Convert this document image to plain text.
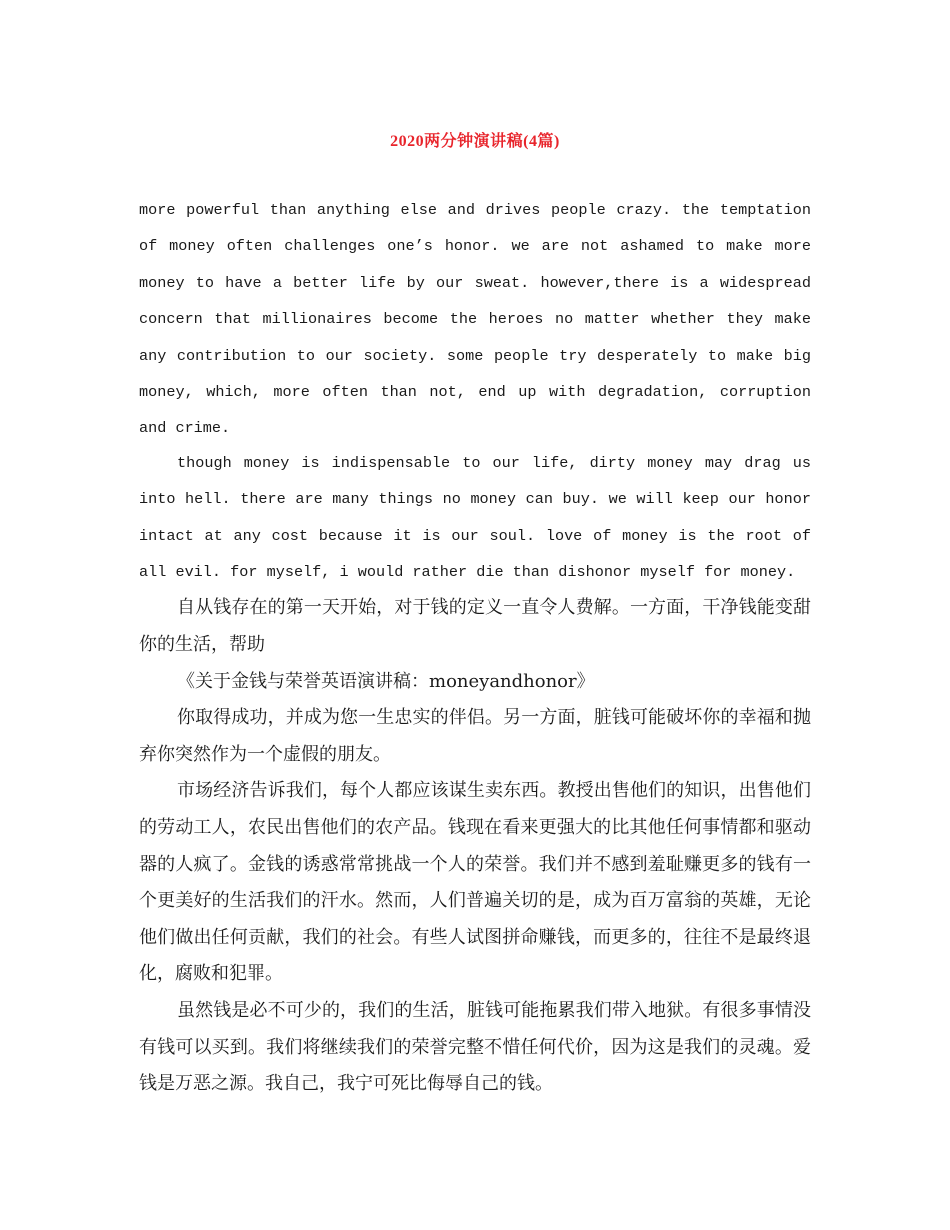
2020两分钟演讲稿(4篇)

more powerful than anything else and drives people crazy. the temptation of money often challenges one’s honor. we are not ashamed to make more money to have a better life by our sweat. however,there is a widespread concern that millionaires become the heroes no matter whether they make any contribution to our society. some people try desperately to make big money, which, more often than not, end up with degradation, corruption and crime.

though money is indispensable to our life, dirty money may drag us into hell. there are many things no money can buy. we will keep our honor intact at any cost because it is our soul. love of money is the root of all evil. for myself, i would rather die than dishonor myself for money.

自从钱存在的第一天开始，对于钱的定义一直令人费解。一方面，干净钱能变甜你的生活，帮助

《关于金钱与荣誉英语演讲稿：moneyandhonor》

你取得成功，并成为您一生忠实的伴侣。另一方面，脏钱可能破坏你的幸福和抛弃你突然作为一个虚假的朋友。

市场经济告诉我们，每个人都应该谋生卖东西。教授出售他们的知识，出售他们的劳动工人，农民出售他们的农产品。钱现在看来更强大的比其他任何事情都和驱动器的人疯了。金钱的诱惑常常挑战一个人的荣誉。我们并不感到羞耻赚更多的钱有一个更美好的生活我们的汗水。然而，人们普遍关切的是，成为百万富翁的英雄，无论他们做出任何贡献，我们的社会。有些人试图拼命赚钱，而更多的，往往不是最终退化，腐败和犯罪。

虽然钱是必不可少的，我们的生活，脏钱可能拖累我们带入地狱。有很多事情没有钱可以买到。我们将继续我们的荣誉完整不惜任何代价，因为这是我们的灵魂。爱钱是万恶之源。我自己，我宁可死比侮辱自己的钱。
